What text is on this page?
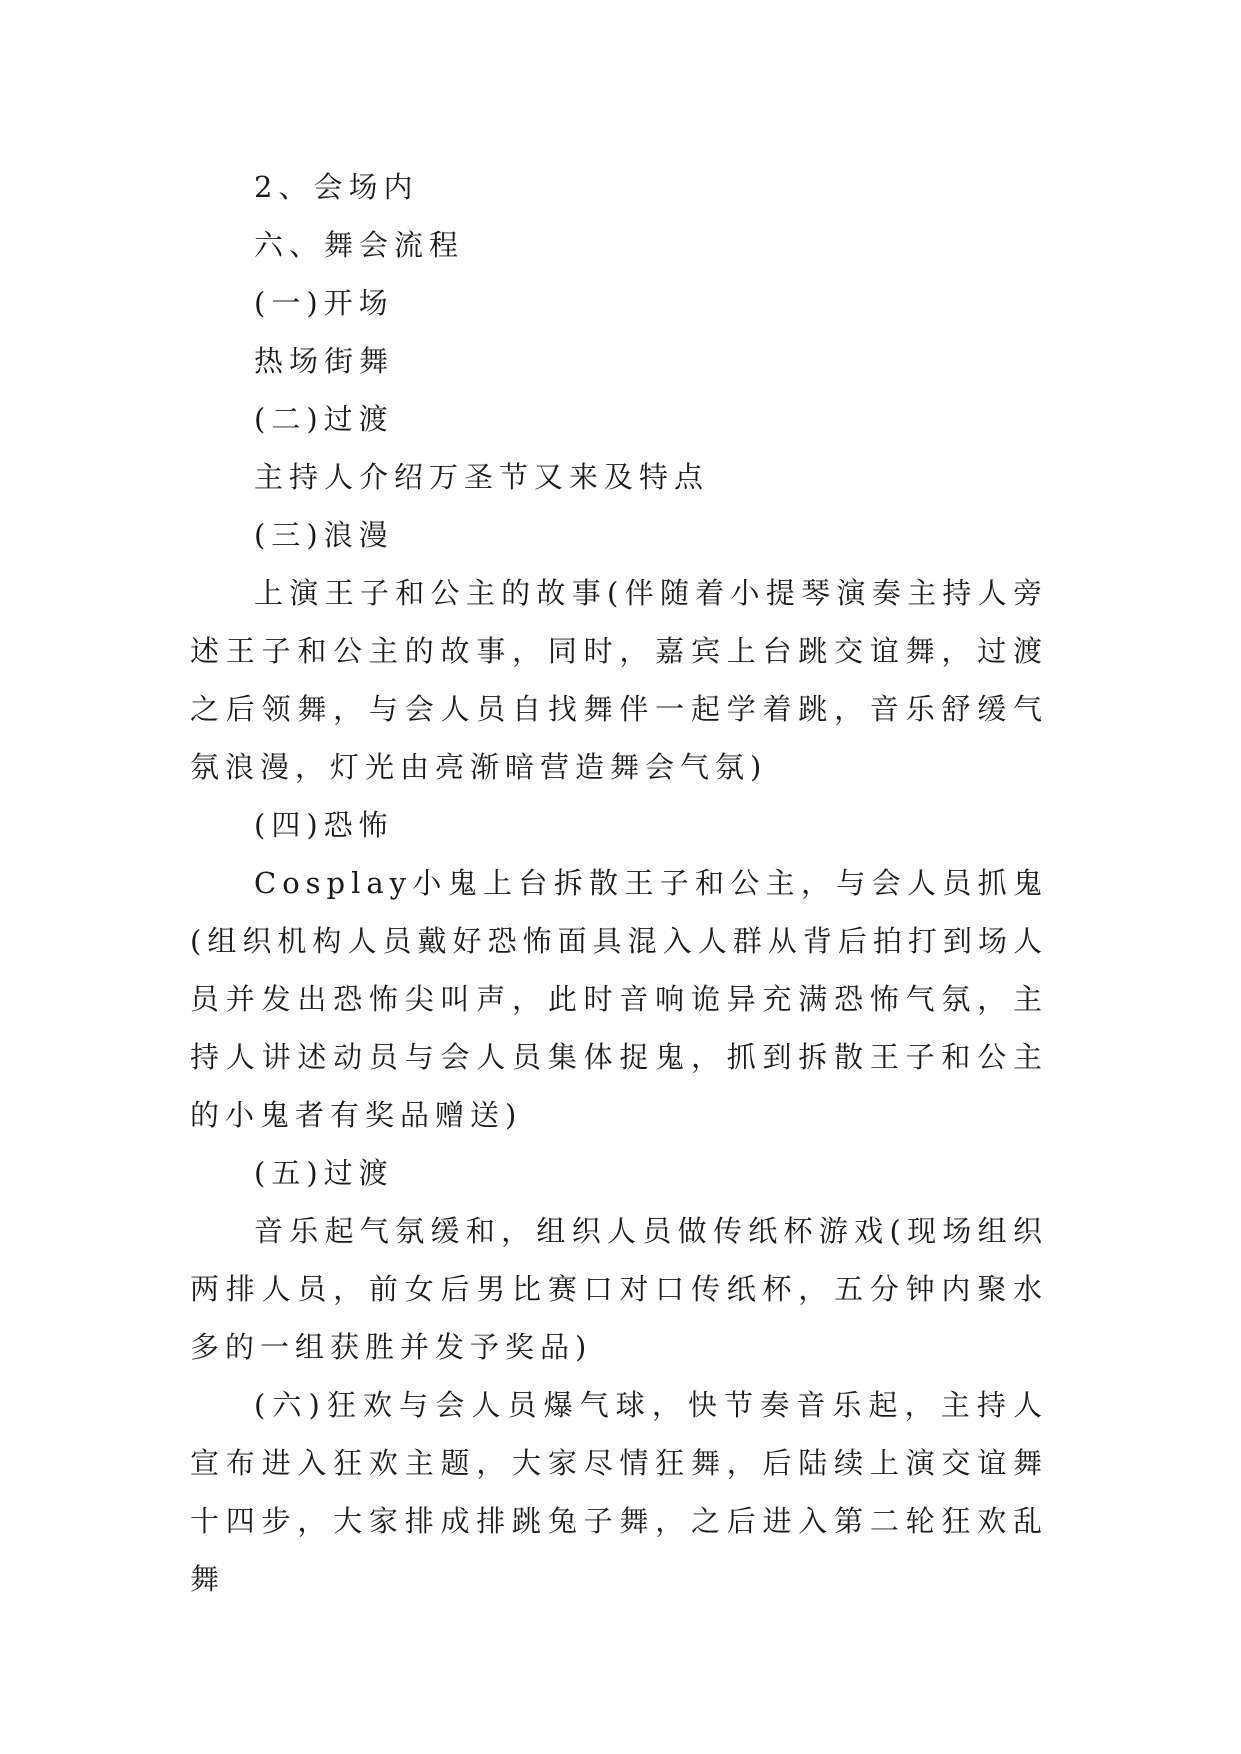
2、会场内

六、舞会流程

(一)开场

热场街舞

(二)过渡

主持人介绍万圣节又来及特点

(三)浪漫

上演王子和公主的故事(伴随着小提琴演奏主持人旁述王子和公主的故事，同时，嘉宾上台跳交谊舞，过渡之后领舞，与会人员自找舞伴一起学着跳，音乐舒缓气氛浪漫，灯光由亮渐暗营造舞会气氛)

(四)恐怖

Cosplay小鬼上台拆散王子和公主，与会人员抓鬼(组织机构人员戴好恐怖面具混入人群从背后拍打到场人员并发出恐怖尖叫声，此时音响诡异充满恐怖气氛，主持人讲述动员与会人员集体捉鬼，抓到拆散王子和公主的小鬼者有奖品赠送)

(五)过渡

音乐起气氛缓和，组织人员做传纸杯游戏(现场组织两排人员，前女后男比赛口对口传纸杯，五分钟内聚水多的一组获胜并发予奖品)

(六)狂欢与会人员爆气球，快节奏音乐起，主持人宣布进入狂欢主题，大家尽情狂舞，后陆续上演交谊舞十四步，大家排成排跳兔子舞，之后进入第二轮狂欢乱舞
